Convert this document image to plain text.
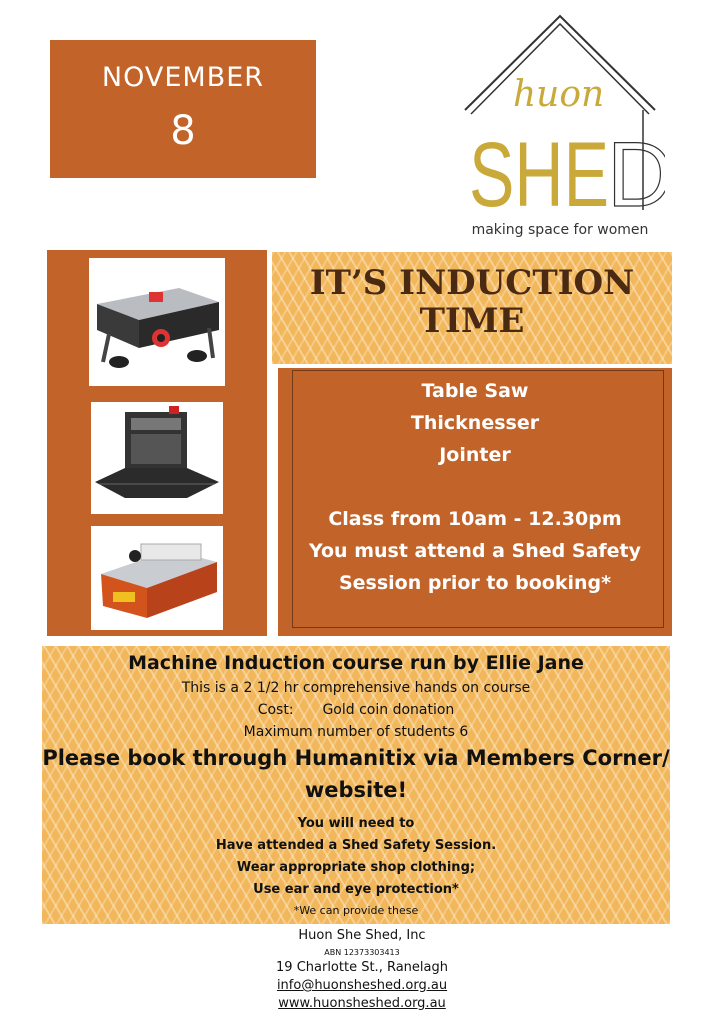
NOVEMBER
8
huon
SHE
D
making space for women
IT’S INDUCTION
TIME
Table Saw
Thicknesser
Jointer
Class from 10am - 12.30pm
You must attend a Shed Safety
Session prior to booking*
Machine Induction course run by Ellie Jane
This is a 2 1/2 hr comprehensive hands on course
Cost: Gold coin donation
Maximum number of students 6
Please book through Humanitix via Members Corner/
website!
You will need to
Have attended a Shed Safety Session.
Wear appropriate shop clothing;
Use ear and eye protection*
*We can provide these
Huon She Shed, Inc
ABN 12373303413
19 Charlotte St., Ranelagh
info@huonsheshed.org.au
www.huonsheshed.org.au
